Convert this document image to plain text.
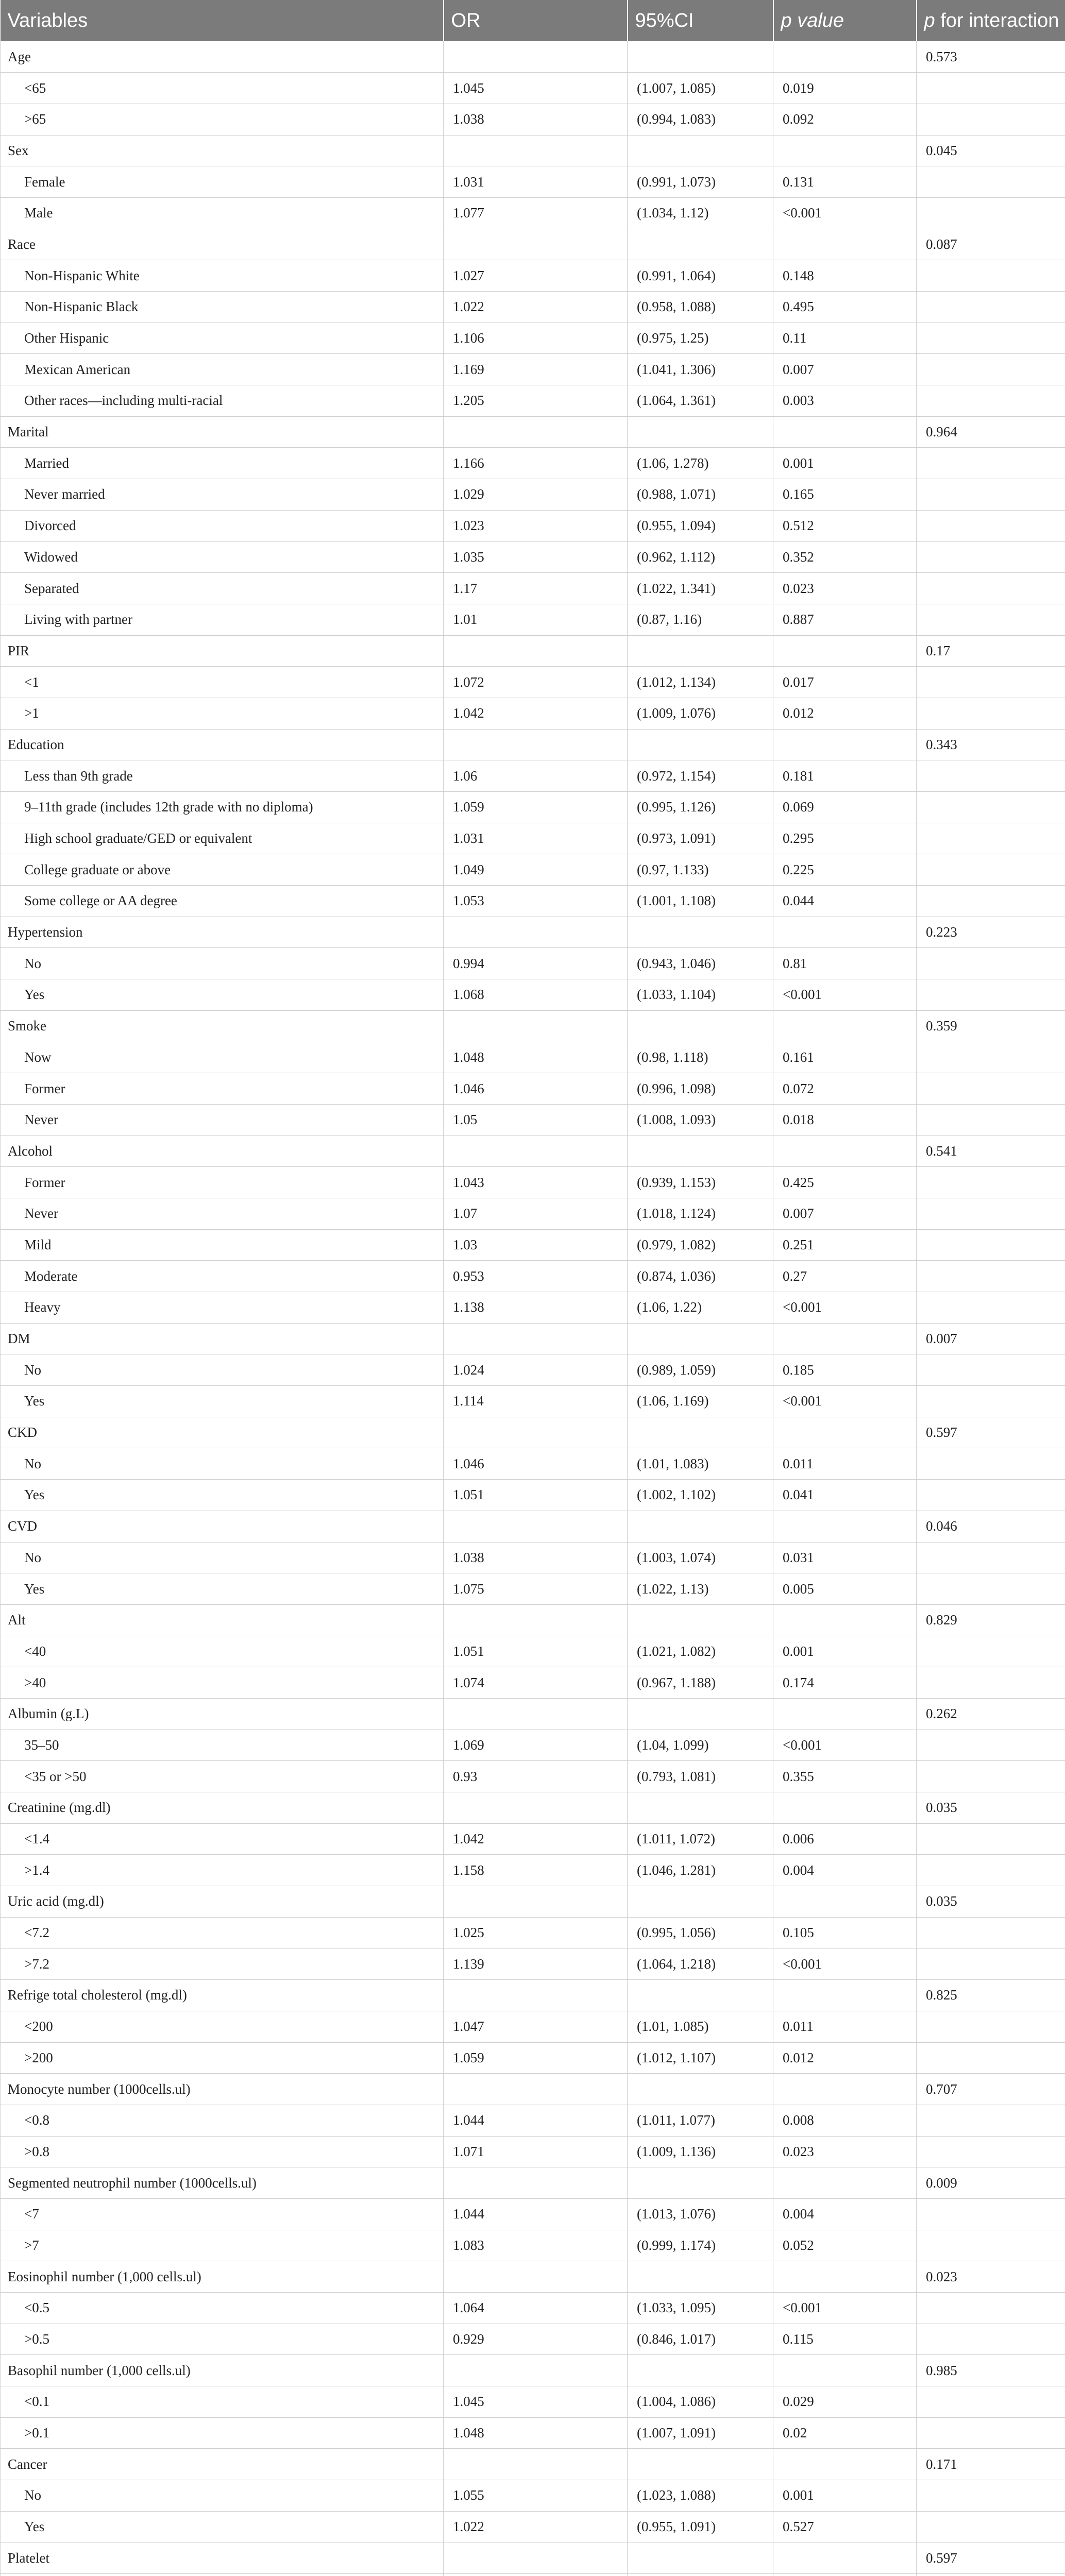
Variables	OR	95%CI	p value	p for interaction
Age				0.573
<65	1.045	(1.007, 1.085)	0.019	
>65	1.038	(0.994, 1.083)	0.092	
Sex				0.045
Female	1.031	(0.991, 1.073)	0.131	
Male	1.077	(1.034, 1.12)	<0.001	
Race				0.087
Non-Hispanic White	1.027	(0.991, 1.064)	0.148	
Non-Hispanic Black	1.022	(0.958, 1.088)	0.495	
Other Hispanic	1.106	(0.975, 1.25)	0.11	
Mexican American	1.169	(1.041, 1.306)	0.007	
Other races—including multi-racial	1.205	(1.064, 1.361)	0.003	
Marital				0.964
Married	1.166	(1.06, 1.278)	0.001	
Never married	1.029	(0.988, 1.071)	0.165	
Divorced	1.023	(0.955, 1.094)	0.512	
Widowed	1.035	(0.962, 1.112)	0.352	
Separated	1.17	(1.022, 1.341)	0.023	
Living with partner	1.01	(0.87, 1.16)	0.887	
PIR				0.17
<1	1.072	(1.012, 1.134)	0.017	
>1	1.042	(1.009, 1.076)	0.012	
Education				0.343
Less than 9th grade	1.06	(0.972, 1.154)	0.181	
9–11th grade (includes 12th grade with no diploma)	1.059	(0.995, 1.126)	0.069	
High school graduate/GED or equivalent	1.031	(0.973, 1.091)	0.295	
College graduate or above	1.049	(0.97, 1.133)	0.225	
Some college or AA degree	1.053	(1.001, 1.108)	0.044	
Hypertension				0.223
No	0.994	(0.943, 1.046)	0.81	
Yes	1.068	(1.033, 1.104)	<0.001	
Smoke				0.359
Now	1.048	(0.98, 1.118)	0.161	
Former	1.046	(0.996, 1.098)	0.072	
Never	1.05	(1.008, 1.093)	0.018	
Alcohol				0.541
Former	1.043	(0.939, 1.153)	0.425	
Never	1.07	(1.018, 1.124)	0.007	
Mild	1.03	(0.979, 1.082)	0.251	
Moderate	0.953	(0.874, 1.036)	0.27	
Heavy	1.138	(1.06, 1.22)	<0.001	
DM				0.007
No	1.024	(0.989, 1.059)	0.185	
Yes	1.114	(1.06, 1.169)	<0.001	
CKD				0.597
No	1.046	(1.01, 1.083)	0.011	
Yes	1.051	(1.002, 1.102)	0.041	
CVD				0.046
No	1.038	(1.003, 1.074)	0.031	
Yes	1.075	(1.022, 1.13)	0.005	
Alt				0.829
<40	1.051	(1.021, 1.082)	0.001	
>40	1.074	(0.967, 1.188)	0.174	
Albumin (g.L)				0.262
35–50	1.069	(1.04, 1.099)	<0.001	
<35 or >50	0.93	(0.793, 1.081)	0.355	
Creatinine (mg.dl)				0.035
<1.4	1.042	(1.011, 1.072)	0.006	
>1.4	1.158	(1.046, 1.281)	0.004	
Uric acid (mg.dl)				0.035
<7.2	1.025	(0.995, 1.056)	0.105	
>7.2	1.139	(1.064, 1.218)	<0.001	
Refrige total cholesterol (mg.dl)				0.825
<200	1.047	(1.01, 1.085)	0.011	
>200	1.059	(1.012, 1.107)	0.012	
Monocyte number (1000cells.ul)				0.707
<0.8	1.044	(1.011, 1.077)	0.008	
>0.8	1.071	(1.009, 1.136)	0.023	
Segmented neutrophil number (1000cells.ul)				0.009
<7	1.044	(1.013, 1.076)	0.004	
>7	1.083	(0.999, 1.174)	0.052	
Eosinophil number (1,000 cells.ul)				0.023
<0.5	1.064	(1.033, 1.095)	<0.001	
>0.5	0.929	(0.846, 1.017)	0.115	
Basophil number (1,000 cells.ul)				0.985
<0.1	1.045	(1.004, 1.086)	0.029	
>0.1	1.048	(1.007, 1.091)	0.02	
Cancer				0.171
No	1.055	(1.023, 1.088)	0.001	
Yes	1.022	(0.955, 1.091)	0.527	
Platelet				0.597
